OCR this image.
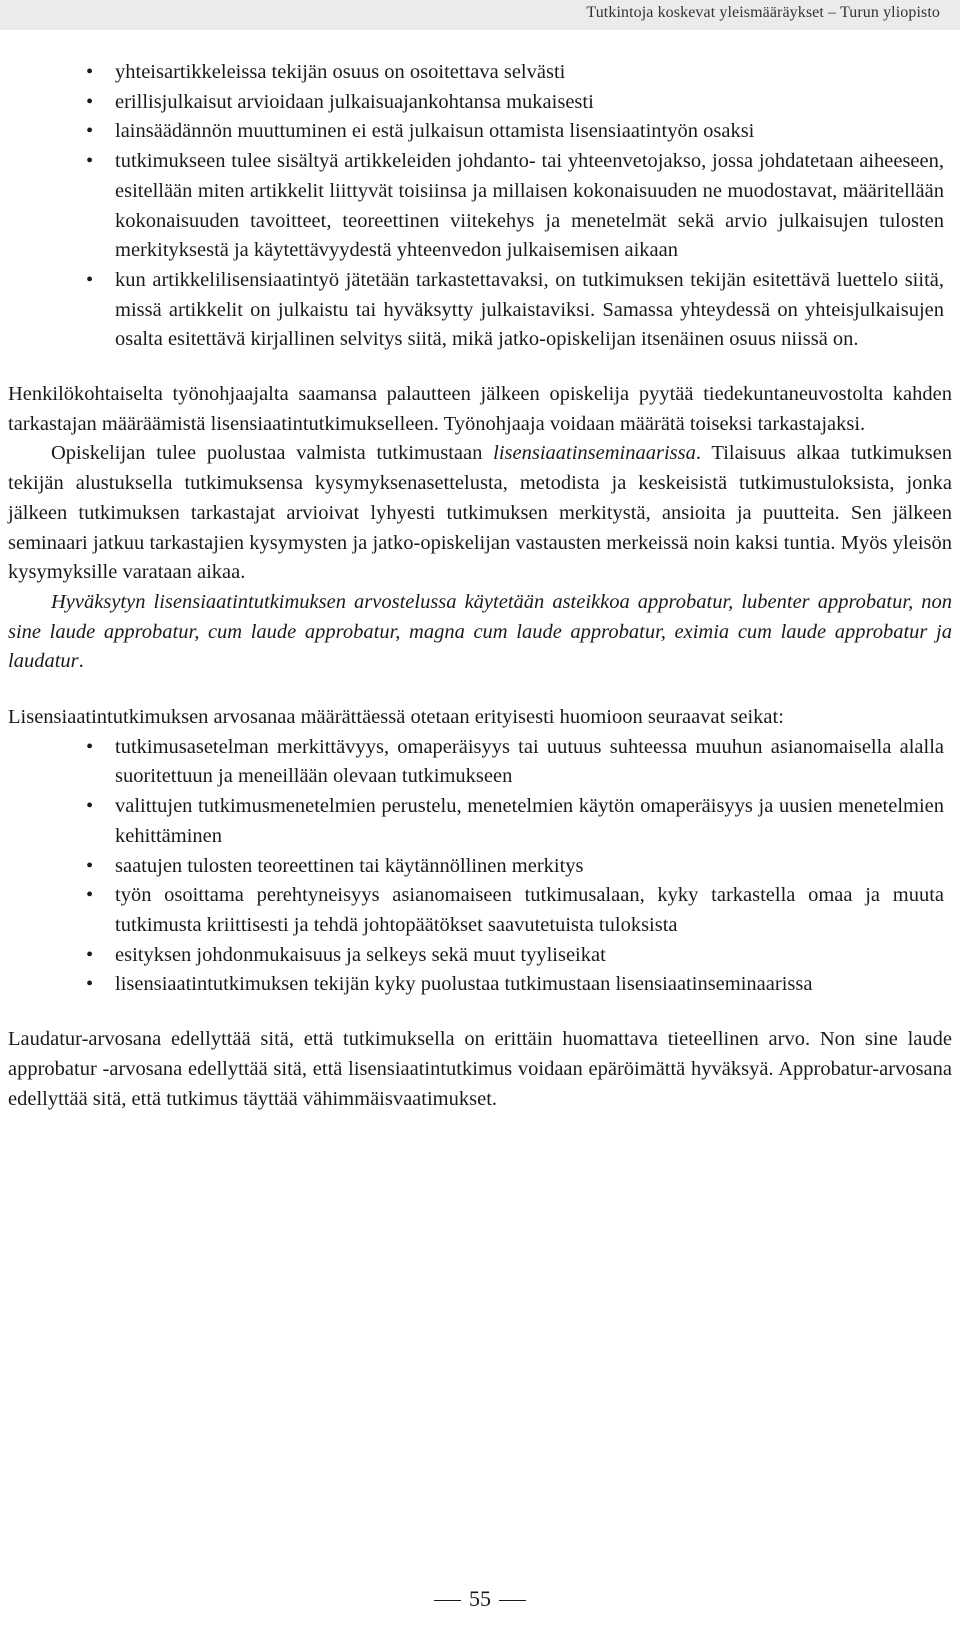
Tutkintoja koskevat yleismääräykset – Turun yliopisto
• yhteisartikkeleissa tekijän osuus on osoitettava selvästi
• erillisjulkaisut arvioidaan julkaisuajankohtansa mukaisesti
• lainsäädännön muuttuminen ei estä julkaisun ottamista lisensiaatintyön osaksi
• tutkimukseen tulee sisältyä artikkeleiden johdanto- tai yhteenvetojakso, jossa johdatetaan aiheeseen, esitellään miten artikkelit liittyvät toisiinsa ja millaisen kokonaisuuden ne muodostavat, määritellään kokonaisuuden tavoitteet, teoreettinen viitekehys ja menetelmät sekä arvio julkaisujen tulosten merkityksestä ja käytettävyydestä yhteenvedon julkaisemisen aikaan
• kun artikkelilisensiaatintyö jätetään tarkastettavaksi, on tutkimuksen tekijän esitettävä luettelo siitä, missä artikkelit on julkaistu tai hyväksytty julkaistaviksi. Samassa yhteydessä on yhteisjulkaisujen osalta esitettävä kirjallinen selvitys siitä, mikä jatko-opiskelijan itsenäinen osuus niissä on.

Henkilökohtaiselta työnohjaajalta saamansa palautteen jälkeen opiskelija pyytää tiedekuntaneuvostolta kahden tarkastajan määräämistä lisensiaatintutkimukselleen. Työnohjaaja voidaan määrätä toiseksi tarkastajaksi.

Opiskelijan tulee puolustaa valmista tutkimustaan lisensiaatinseminaarissa. Tilaisuus alkaa tutkimuksen tekijän alustuksella tutkimuksensa kysymyksenasettelusta, metodista ja keskeisistä tutkimustuloksista, jonka jälkeen tutkimuksen tarkastajat arvioivat lyhyesti tutkimuksen merkitystä, ansioita ja puutteita. Sen jälkeen seminaari jatkuu tarkastajien kysymysten ja jatko-opiskelijan vastausten merkeissä noin kaksi tuntia. Myös yleisön kysymyksille varataan aikaa.

Hyväksytyn lisensiaatintutkimuksen arvostelussa käytetään asteikkoa approbatur, lubenter approbatur, non sine laude approbatur, cum laude approbatur, magna cum laude approbatur, eximia cum laude approbatur ja laudatur.

Lisensiaatintutkimuksen arvosanaa määrättäessä otetaan erityisesti huomioon seuraavat seikat:

• tutkimusasetelman merkittävyys, omaperäisyys tai uutuus suhteessa muuhun asianomaisella alalla suoritettuun ja meneillään olevaan tutkimukseen
• valittujen tutkimusmenetelmien perustelu, menetelmien käytön omaperäisyys ja uusien menetelmien kehittäminen
• saatujen tulosten teoreettinen tai käytännöllinen merkitys
• työn osoittama perehtyneisyys asianomaiseen tutkimusalaan, kyky tarkastella omaa ja muuta tutkimusta kriittisesti ja tehdä johtopäätökset saavutetuista tuloksista
• esityksen johdonmukaisuus ja selkeys sekä muut tyyliseikat
• lisensiaatintutkimuksen tekijän kyky puolustaa tutkimustaan lisensiaatinseminaarissa

Laudatur-arvosana edellyttää sitä, että tutkimuksella on erittäin huomattava tieteellinen arvo. Non sine laude approbatur -arvosana edellyttää sitä, että lisensiaatintutkimus voidaan epäröimättä hyväksyä. Approbatur-arvosana edellyttää sitä, että tutkimus täyttää vähimmäisvaatimukset.

55
